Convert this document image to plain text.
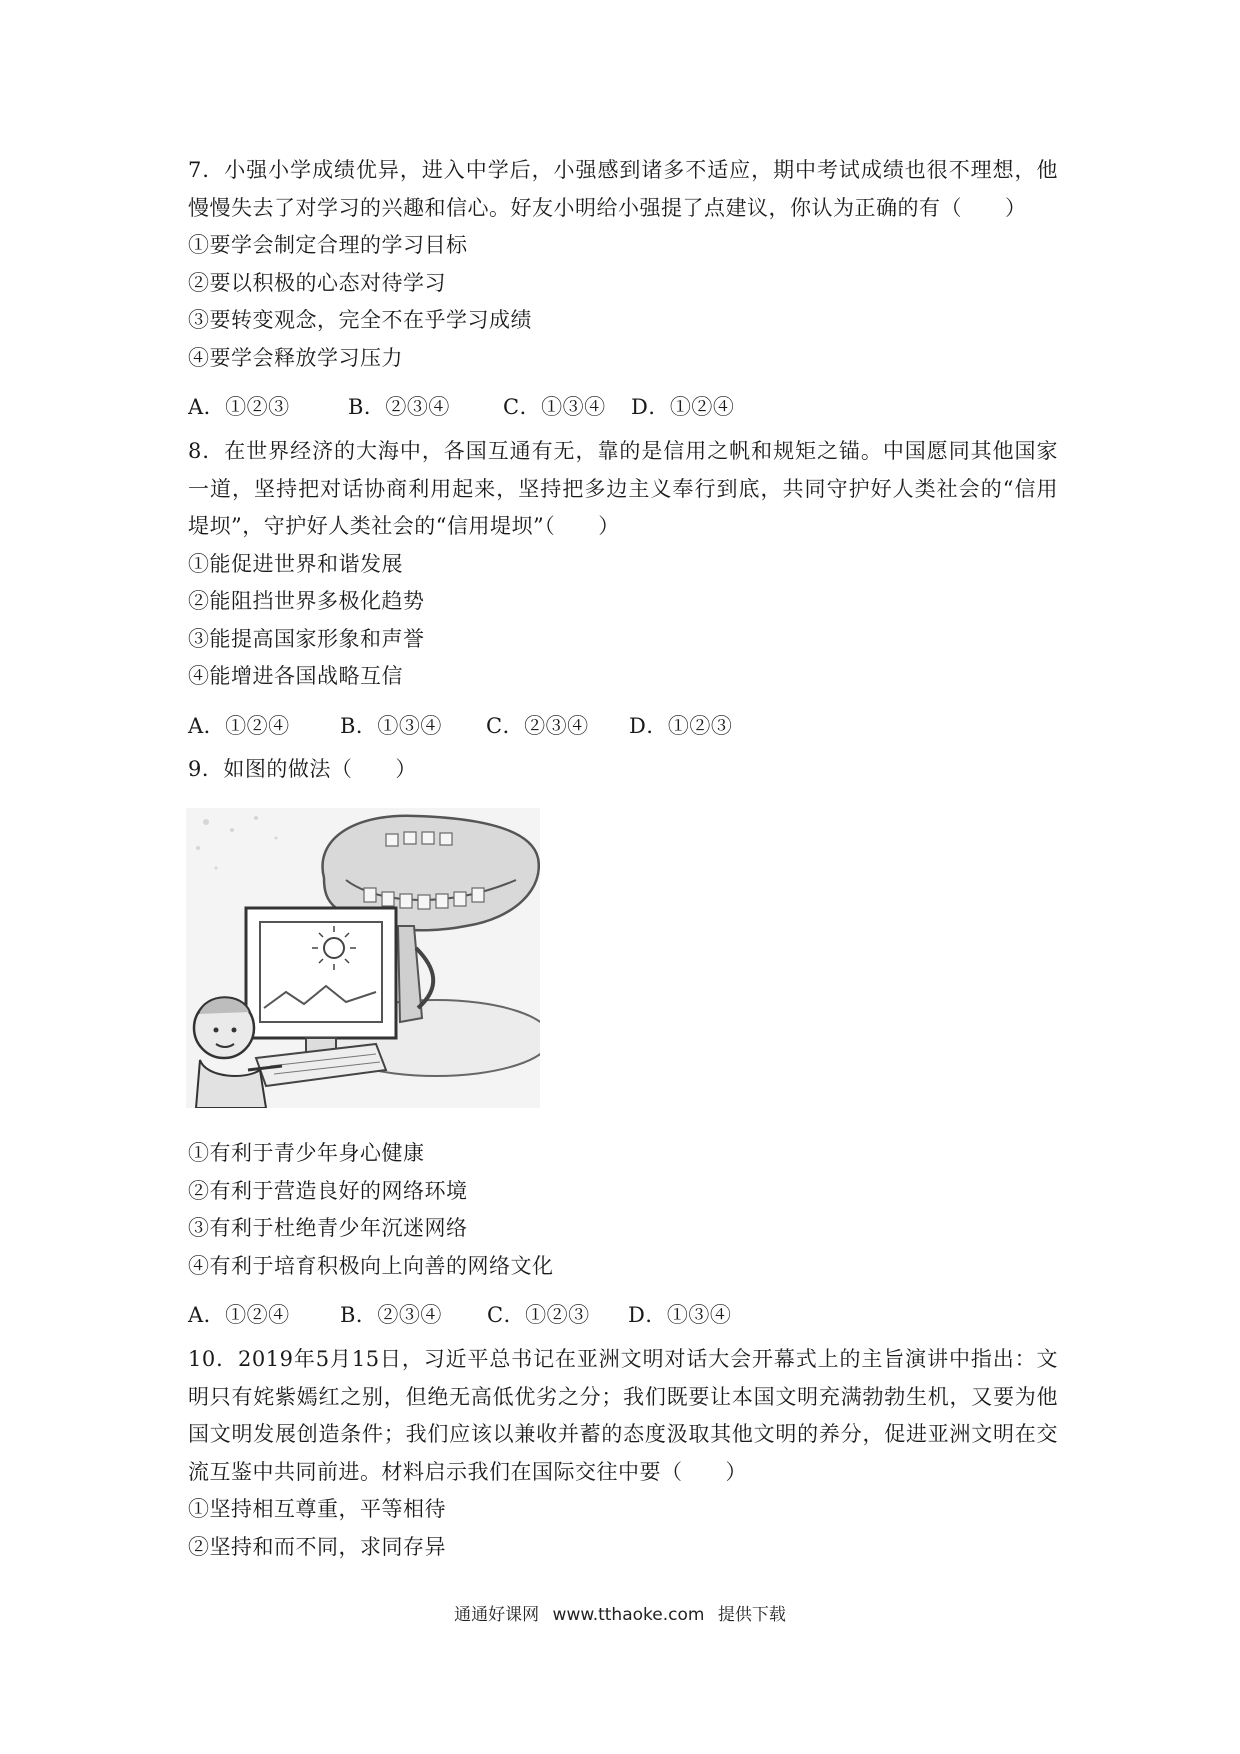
7．小强小学成绩优异，进入中学后，小强感到诸多不适应，期中考试成绩也很不理想，他慢慢失去了对学习的兴趣和信心。好友小明给小强提了点建议，你认为正确的有（　　）

①要学会制定合理的学习目标

②要以积极的心态对待学习

③要转变观念，完全不在乎学习成绩

④要学会释放学习压力

A．①②③	B．②③④	C．①③④	D．①②④

8．在世界经济的大海中，各国互通有无，靠的是信用之帆和规矩之锚。中国愿同其他国家一道，坚持把对话协商利用起来，坚持把多边主义奉行到底，共同守护好人类社会的“信用堤坝”，守护好人类社会的“信用堤坝”（　　）

①能促进世界和谐发展

②能阻挡世界多极化趋势

③能提高国家形象和声誉

④能增进各国战略互信

A．①②④	B．①③④	C．②③④	D．①②③

9．如图的做法（　　）

①有利于青少年身心健康

②有利于营造良好的网络环境

③有利于杜绝青少年沉迷网络

④有利于培育积极向上向善的网络文化

A．①②④	B．②③④	C．①②③	D．①③④

10．2019年5月15日，习近平总书记在亚洲文明对话大会开幕式上的主旨演讲中指出：文明只有姹紫嫣红之别，但绝无高低优劣之分；我们既要让本国文明充满勃勃生机，又要为他国文明发展创造条件；我们应该以兼收并蓄的态度汲取其他文明的养分，促进亚洲文明在交流互鉴中共同前进。材料启示我们在国际交往中要（　　）

①坚持相互尊重，平等相待

②坚持和而不同，求同存异

通通好课网 www.tthaoke.com 提供下载
